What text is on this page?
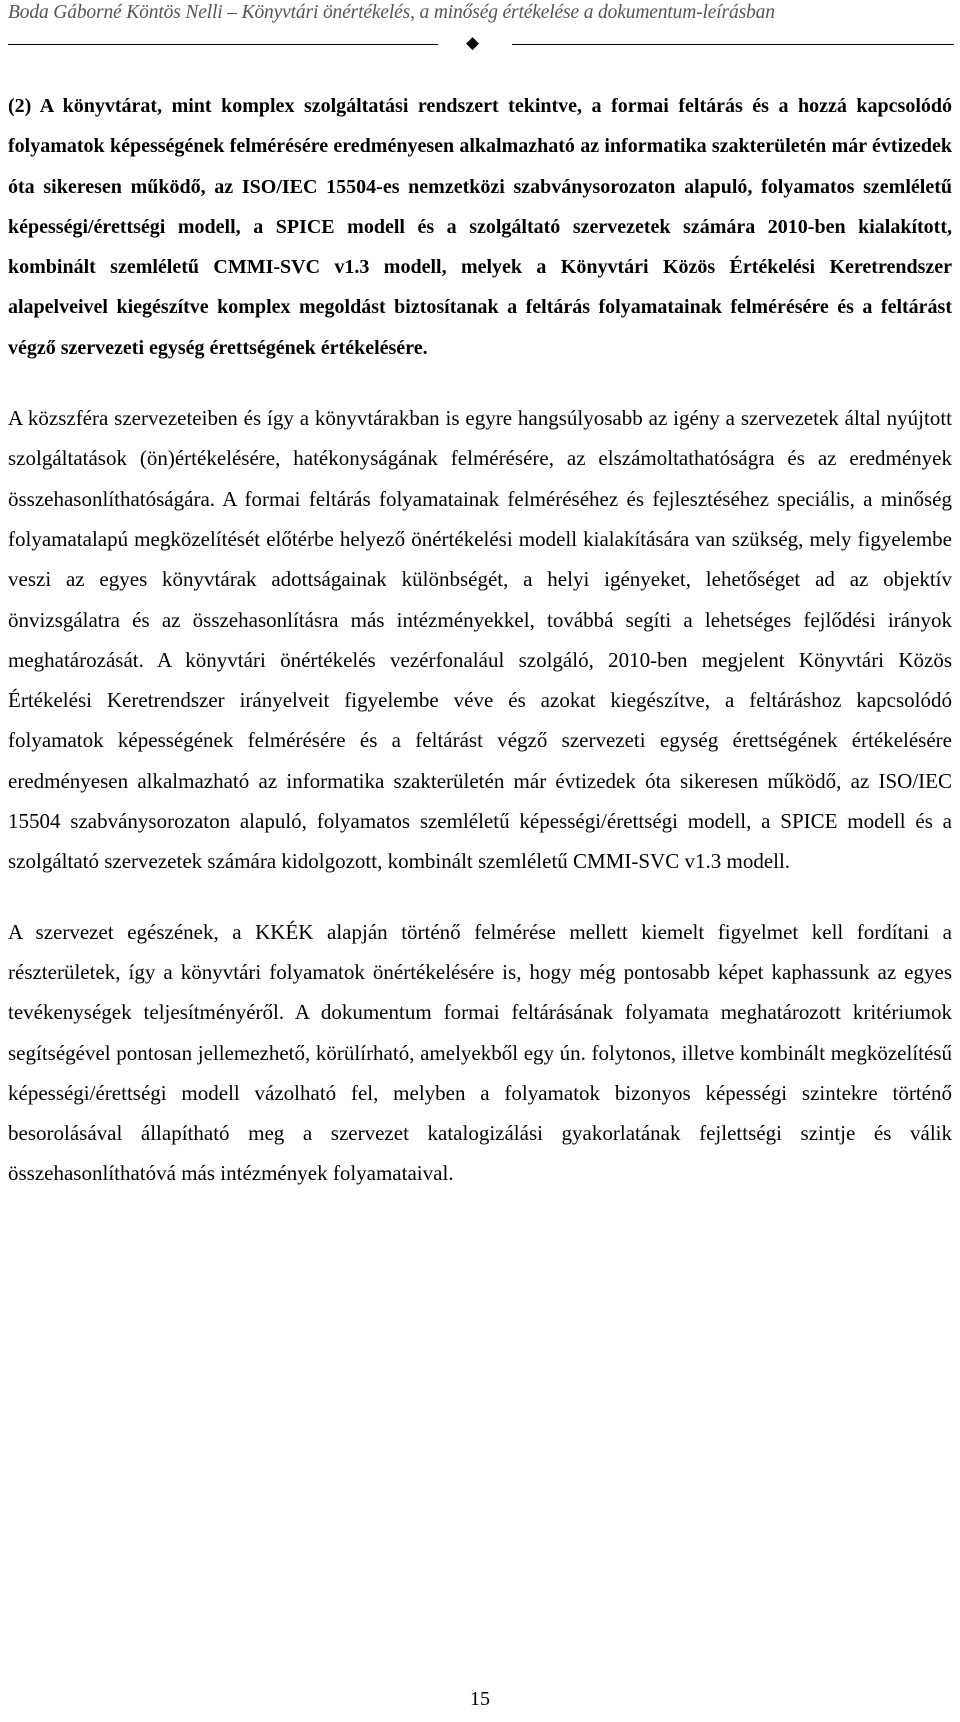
Boda Gáborné Köntös Nelli – Könyvtári önértékelés, a minőség értékelése a dokumentum-leírásban
◆

(2) A könyvtárat, mint komplex szolgáltatási rendszert tekintve, a formai feltárás és a hozzá kapcsolódó folyamatok képességének felmérésére eredményesen alkalmazható az informatika szakterületén már évtizedek óta sikeresen működő, az ISO/IEC 15504-es nemzetközi szabványsorozaton alapuló, folyamatos szemléletű képességi/érettségi modell, a SPICE modell és a szolgáltató szervezetek számára 2010-ben kialakított, kombinált szemléletű CMMI-SVC v1.3 modell, melyek a Könyvtári Közös Értékelési Keretrendszer alapelveivel kiegészítve komplex megoldást biztosítanak a feltárás folyamatainak felmérésére és a feltárást végző szervezeti egység érettségének értékelésére.

A közszféra szervezeteiben és így a könyvtárakban is egyre hangsúlyosabb az igény a szervezetek által nyújtott szolgáltatások (ön)értékelésére, hatékonyságának felmérésére, az elszámoltathatóságra és az eredmények összehasonlíthatóságára. A formai feltárás folyamatainak felméréséhez és fejlesztéséhez speciális, a minőség folyamatalapú megközelítését előtérbe helyező önértékelési modell kialakítására van szükség, mely figyelembe veszi az egyes könyvtárak adottságainak különbségét, a helyi igényeket, lehetőséget ad az objektív önvizsgálatra és az összehasonlításra más intézményekkel, továbbá segíti a lehetséges fejlődési irányok meghatározását. A könyvtári önértékelés vezérfonalául szolgáló, 2010-ben megjelent Könyvtári Közös Értékelési Keretrendszer irányelveit figyelembe véve és azokat kiegészítve, a feltáráshoz kapcsolódó folyamatok képességének felmérésére és a feltárást végző szervezeti egység érettségének értékelésére eredményesen alkalmazható az informatika szakterületén már évtizedek óta sikeresen működő, az ISO/IEC 15504 szabványsorozaton alapuló, folyamatos szemléletű képességi/érettségi modell, a SPICE modell és a szolgáltató szervezetek számára kidolgozott, kombinált szemléletű CMMI-SVC v1.3 modell.

A szervezet egészének, a KKÉK alapján történő felmérése mellett kiemelt figyelmet kell fordítani a részterületek, így a könyvtári folyamatok önértékelésére is, hogy még pontosabb képet kaphassunk az egyes tevékenységek teljesítményéről. A dokumentum formai feltárásának folyamata meghatározott kritériumok segítségével pontosan jellemezhető, körülírható, amelyekből egy ún. folytonos, illetve kombinált megközelítésű képességi/érettségi modell vázolható fel, melyben a folyamatok bizonyos képességi szintekre történő besorolásával állapítható meg a szervezet katalogizálási gyakorlatának fejlettségi szintje és válik összehasonlíthatóvá más intézmények folyamataival.

15
